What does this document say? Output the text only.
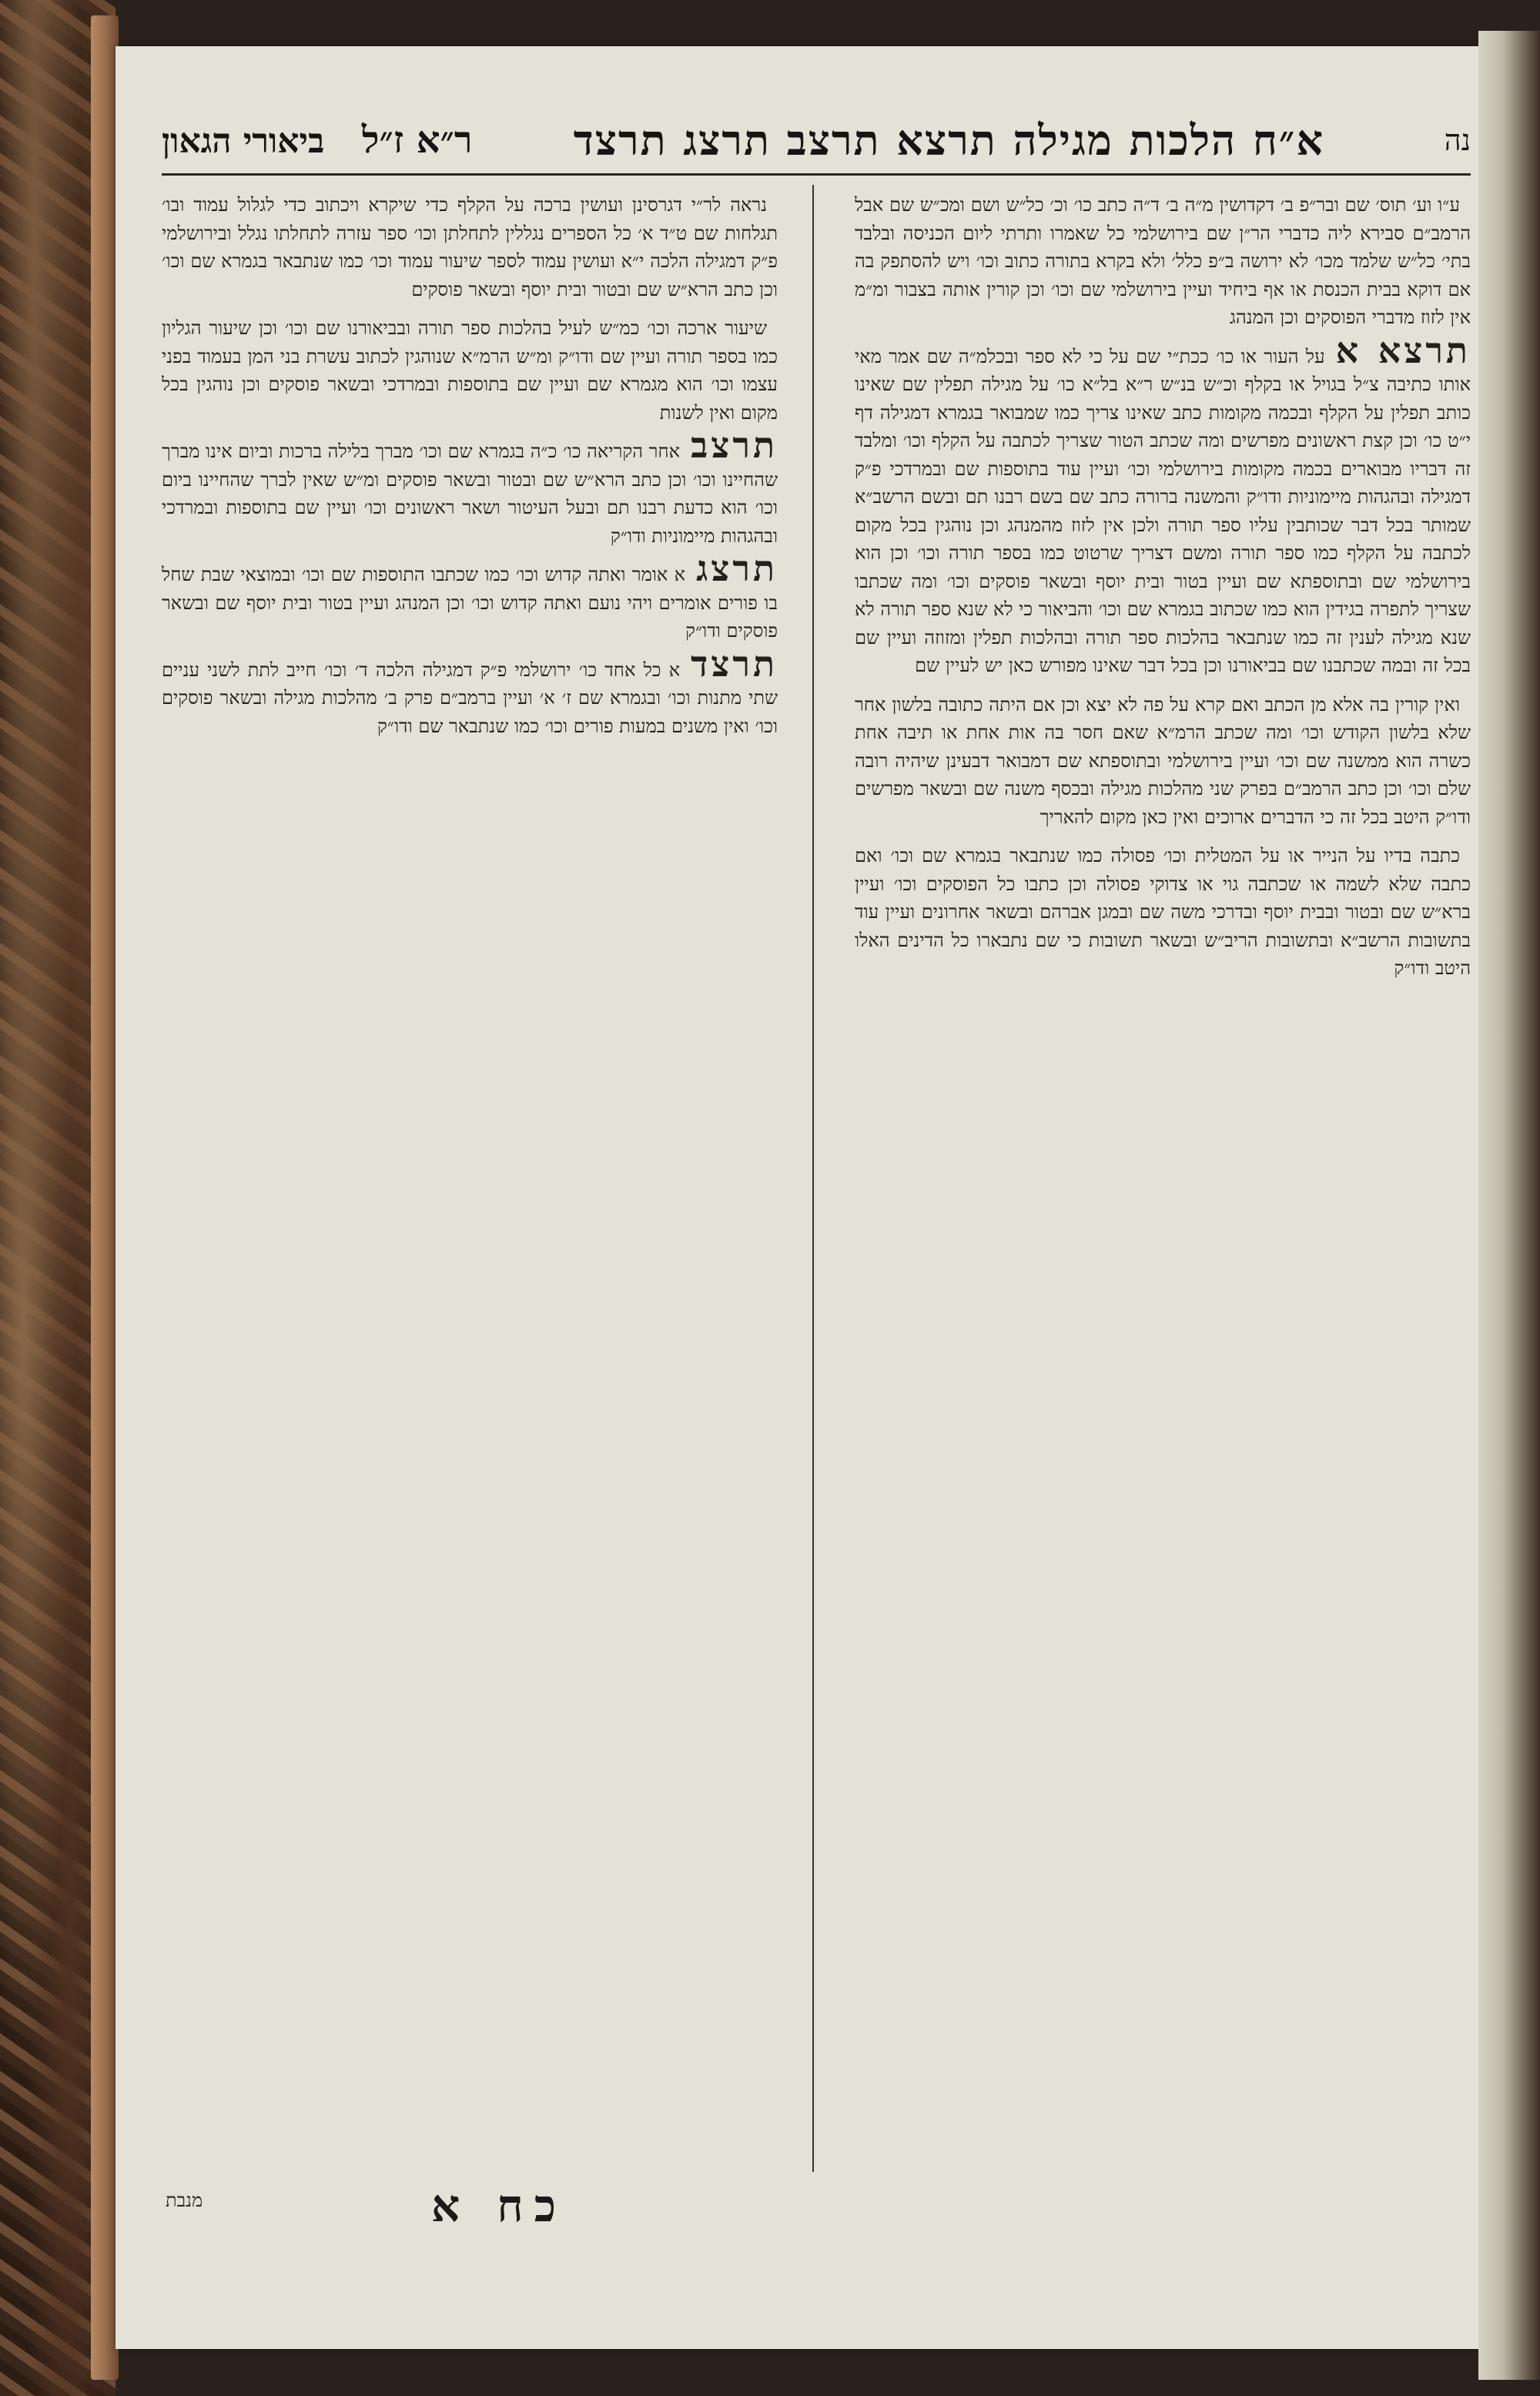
נה
א״ח הלכות מגילה תרצא תרצב תרצג תרצד
ר״א ז״ל
ביאורי הגאון

ע״ו וע׳ תוס׳ שם ובר״פ ב׳ דקדושין מ״ה ב׳ ד״ה כתב כו׳ וכ׳ כל״ש ושם ומכ״ש שם אבל הרמב״ם סבירא ליה כדברי הר״ן שם בירושלמי כל שאמרו ותרתי ליום הכניסה ובלבד בתי׳ כל״ש שלמד מכו׳ לא ירושה ב״פ כלל׳ ולא בקרא בתורה כתוב וכו׳ ויש להסתפק בה אם דוקא בבית הכנסת או אף ביחיד ועיין בירושלמי שם וכו׳ וכן קורין אותה בצבור ומ״מ אין לזוז מדברי הפוסקים וכן המנהג

תרצא אעל העור או כו׳ ככת״י שם על כי לא ספר ובכלמ״ה שם אמר מאי אותו כתיבה צ״ל בגויל או בקלף וכ״ש בנ״ש ר״א בל״א כו׳ על מגילה תפלין שם שאינו כותב תפלין על הקלף ובכמה מקומות כתב שאינו צריך כמו שמבואר בגמרא דמגילה דף י״ט כו׳ וכן קצת ראשונים מפרשים ומה שכתב הטור שצריך לכתבה על הקלף וכו׳ ומלבד זה דבריו מבוארים בכמה מקומות בירושלמי וכו׳ ועיין עוד בתוספות שם ובמרדכי פ״ק דמגילה ובהגהות מיימוניות ודו״ק והמשנה ברורה כתב שם בשם רבנו תם ובשם הרשב״א שמותר בכל דבר שכותבין עליו ספר תורה ולכן אין לזוז מהמנהג וכן נוהגין בכל מקום לכתבה על הקלף כמו ספר תורה ומשם דצריך שרטוט כמו בספר תורה וכו׳ וכן הוא בירושלמי שם ובתוספתא שם ועיין בטור ובית יוסף ובשאר פוסקים וכו׳ ומה שכתבו שצריך לתפרה בגידין הוא כמו שכתוב בגמרא שם וכו׳ והביאור כי לא שנא ספר תורה לא שנא מגילה לענין זה כמו שנתבאר בהלכות ספר תורה ובהלכות תפלין ומזוזה ועיין שם בכל זה ובמה שכתבנו שם בביאורנו וכן בכל דבר שאינו מפורש כאן יש לעיין שם

ואין קורין בה אלא מן הכתב ואם קרא על פה לא יצא וכן אם היתה כתובה בלשון אחר שלא בלשון הקודש וכו׳ ומה שכתב הרמ״א שאם חסר בה אות אחת או תיבה אחת כשרה הוא ממשנה שם וכו׳ ועיין בירושלמי ובתוספתא שם דמבואר דבעינן שיהיה רובה שלם וכו׳ וכן כתב הרמב״ם בפרק שני מהלכות מגילה ובכסף משנה שם ובשאר מפרשים ודו״ק היטב בכל זה כי הדברים ארוכים ואין כאן מקום להאריך

כתבה בדיו על הנייר או על המטלית וכו׳ פסולה כמו שנתבאר בגמרא שם וכו׳ ואם כתבה שלא לשמה או שכתבה גוי או צדוקי פסולה וכן כתבו כל הפוסקים וכו׳ ועיין ברא״ש שם ובטור ובבית יוסף ובדרכי משה שם ובמגן אברהם ובשאר אחרונים ועיין עוד בתשובות הרשב״א ובתשובות הריב״ש ובשאר תשובות כי שם נתבארו כל הדינים האלו היטב ודו״ק

נראה לר״י דגרסינן ועושין ברכה על הקלף כדי שיקרא ויכתוב כדי לגלול עמוד ובו׳ תגלחות שם ט״ד א׳ כל הספרים נגללין לתחלתן וכו׳ ספר עזרה לתחלתו נגלל ובירושלמי פ״ק דמגילה הלכה י״א ועושין עמוד לספר שיעור עמוד וכו׳ כמו שנתבאר בגמרא שם וכו׳ וכן כתב הרא״ש שם ובטור ובית יוסף ובשאר פוסקים

שיעור ארכה וכו׳ כמ״ש לעיל בהלכות ספר תורה ובביאורנו שם וכו׳ וכן שיעור הגליון כמו בספר תורה ועיין שם ודו״ק ומ״ש הרמ״א שנוהגין לכתוב עשרת בני המן בעמוד בפני עצמו וכו׳ הוא מגמרא שם ועיין שם בתוספות ובמרדכי ובשאר פוסקים וכן נוהגין בכל מקום ואין לשנות

תרצבאחר הקריאה כו׳ כ״ה בגמרא שם וכו׳ מברך בלילה ברכות וביום אינו מברך שהחיינו וכו׳ וכן כתב הרא״ש שם ובטור ובשאר פוסקים ומ״ש שאין לברך שהחיינו ביום וכו׳ הוא כדעת רבנו תם ובעל העיטור ושאר ראשונים וכו׳ ועיין שם בתוספות ובמרדכי ובהגהות מיימוניות ודו״ק

תרצגא אומר ואתה קדוש וכו׳ כמו שכתבו התוספות שם וכו׳ ובמוצאי שבת שחל בו פורים אומרים ויהי נועם ואתה קדוש וכו׳ וכן המנהג ועיין בטור ובית יוסף שם ובשאר פוסקים ודו״ק

תרצדא כל אחד כו׳ ירושלמי פ״ק דמגילה הלכה ד׳ וכו׳ חייב לתת לשני עניים שתי מתנות וכו׳ ובגמרא שם ז׳ א׳ ועיין ברמב״ם פרק ב׳ מהלכות מגילה ובשאר פוסקים וכו׳ ואין משנים במעות פורים וכו׳ כמו שנתבאר שם ודו״ק

כח א
מנבת
